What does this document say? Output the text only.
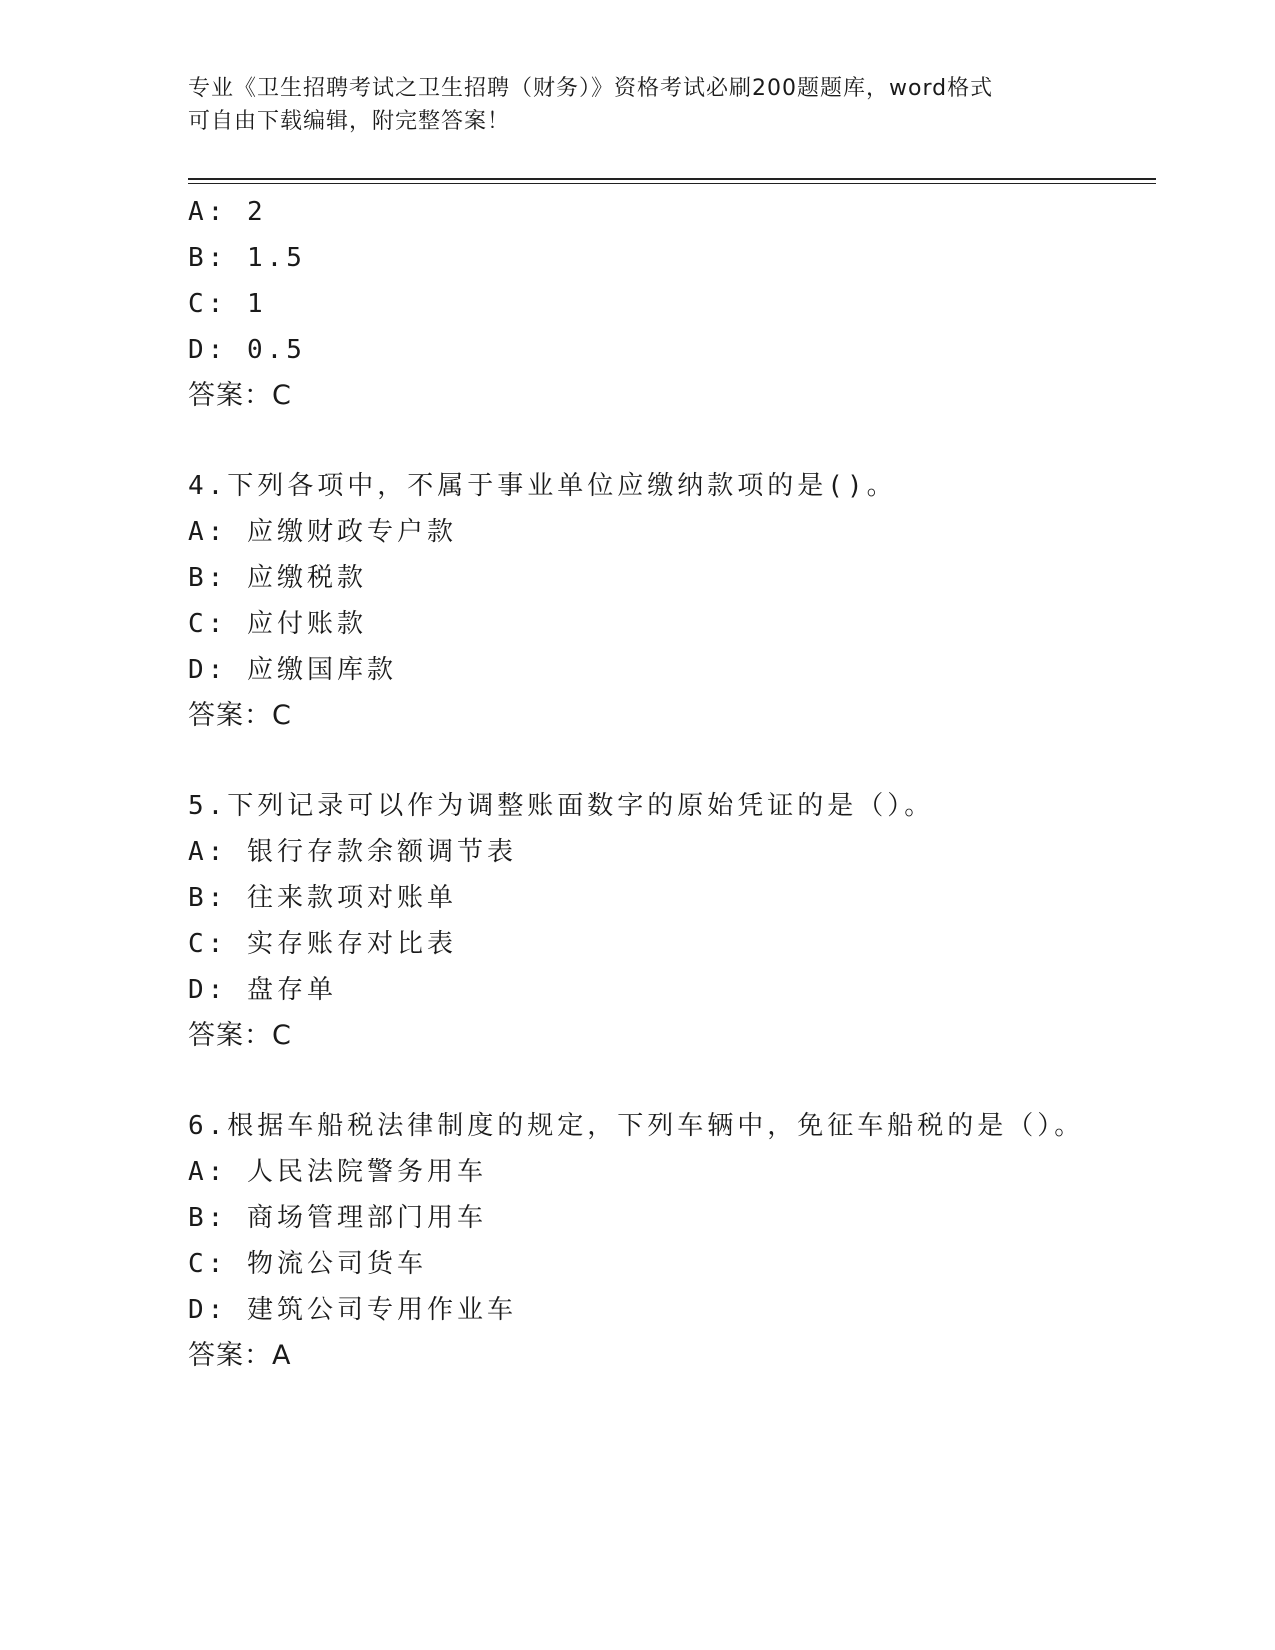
专业《卫生招聘考试之卫生招聘（财务）》资格考试必刷200题题库，word格式
可自由下载编辑，附完整答案！
A: 2
B: 1.5
C: 1
D: 0.5
答案：C
4.下列各项中，不属于事业单位应缴纳款项的是()。
A: 应缴财政专户款
B: 应缴税款
C: 应付账款
D: 应缴国库款
答案：C
5.下列记录可以作为调整账面数字的原始凭证的是（）。
A: 银行存款余额调节表
B: 往来款项对账单
C: 实存账存对比表
D: 盘存单
答案：C
6.根据车船税法律制度的规定，下列车辆中，免征车船税的是（）。
A: 人民法院警务用车
B: 商场管理部门用车
C: 物流公司货车
D: 建筑公司专用作业车
答案：A
